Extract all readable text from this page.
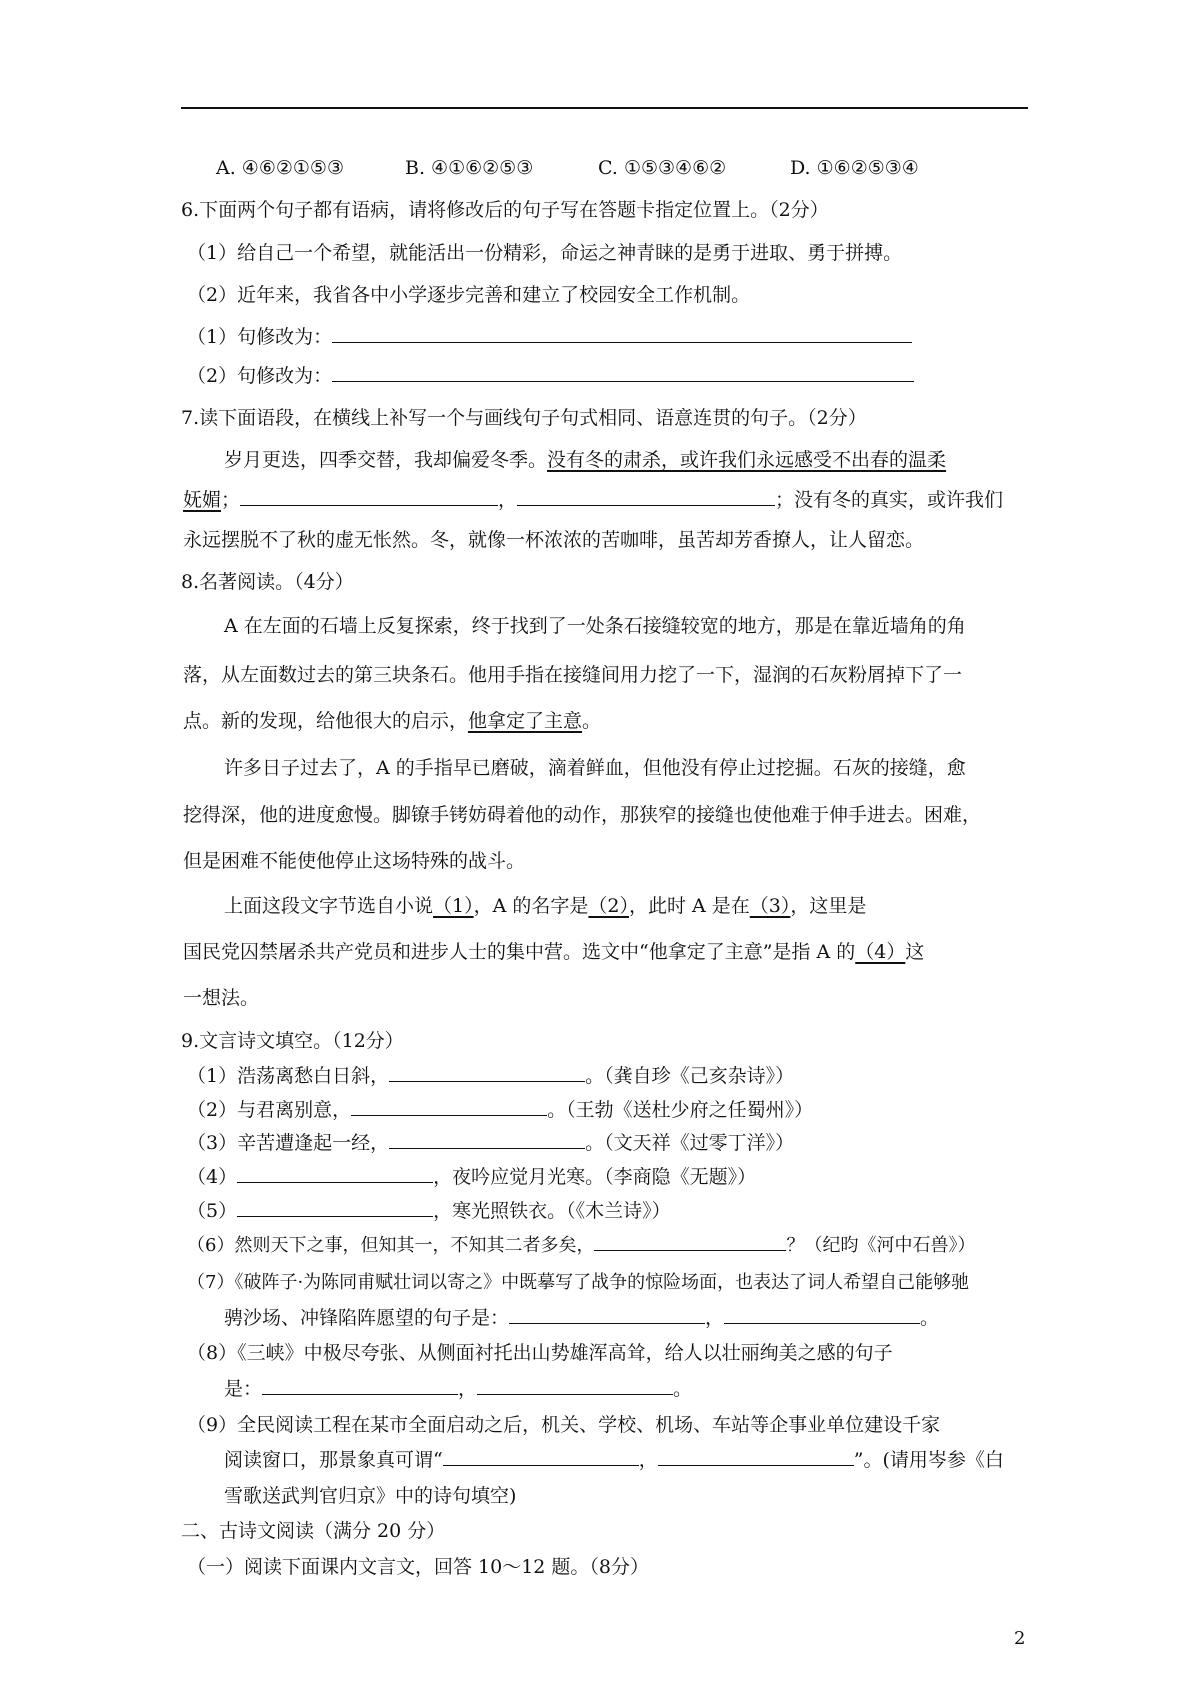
A. ④⑥②①⑤③	B. ④①⑥②⑤③	C. ①⑤③④⑥②	D. ①⑥②⑤③④
6.下面两个句子都有语病，请将修改后的句子写在答题卡指定位置上。（2分）
（1）给自己一个希望，就能活出一份精彩，命运之神青睐的是勇于进取、勇于拼搏。
（2）近年来，我省各中小学逐步完善和建立了校园安全工作机制。
（1）句修改为：
（2）句修改为：
7.读下面语段，在横线上补写一个与画线句子句式相同、语意连贯的句子。（2分）
岁月更迭，四季交替，我却偏爱冬季。没有冬的肃杀，或许我们永远感受不出春的温柔
妩媚；	，	；没有冬的真实，或许我们
永远摆脱不了秋的虚无怅然。冬，就像一杯浓浓的苦咖啡，虽苦却芳香撩人，让人留恋。
8.名著阅读。（4分）
A 在左面的石墙上反复探索，终于找到了一处条石接缝较宽的地方，那是在靠近墙角的角
落，从左面数过去的第三块条石。他用手指在接缝间用力挖了一下，湿润的石灰粉屑掉下了一
点。新的发现，给他很大的启示，他拿定了主意。
许多日子过去了，A 的手指早已磨破，滴着鲜血，但他没有停止过挖掘。石灰的接缝，愈
挖得深，他的进度愈慢。脚镣手铐妨碍着他的动作，那狭窄的接缝也使他难于伸手进去。困难，
但是困难不能使他停止这场特殊的战斗。
上面这段文字节选自小说（1），A 的名字是（2），此时 A 是在（3），这里是
国民党囚禁屠杀共产党员和进步人士的集中营。选文中“他拿定了主意”是指 A 的（4）这
一想法。
9.文言诗文填空。（12分）
（1）浩荡离愁白日斜，	。（龚自珍《己亥杂诗》）
（2）与君离别意，	。（王勃《送杜少府之任蜀州》）
（3）辛苦遭逢起一经，	。（文天祥《过零丁洋》）
（4）	，夜吟应觉月光寒。（李商隐《无题》）
（5）	，寒光照铁衣。（《木兰诗》）
（6）然则天下之事，但知其一，不知其二者多矣，	？（纪昀《河中石兽》）
（7）《破阵子·为陈同甫赋壮词以寄之》中既摹写了战争的惊险场面，也表达了词人希望自己能够驰
骋沙场、冲锋陷阵愿望的句子是：	，	。
（8）《三峡》中极尽夸张、从侧面衬托出山势雄浑高耸，给人以壮丽绚美之感的句子
是：	，	。
（9）全民阅读工程在某市全面启动之后，机关、学校、机场、车站等企事业单位建设千家
阅读窗口，那景象真可谓“	，	”。(请用岑参《白
雪歌送武判官归京》中的诗句填空)
二、古诗文阅读（满分 20 分）
（一）阅读下面课内文言文，回答 10～12 题。（8分）
2
